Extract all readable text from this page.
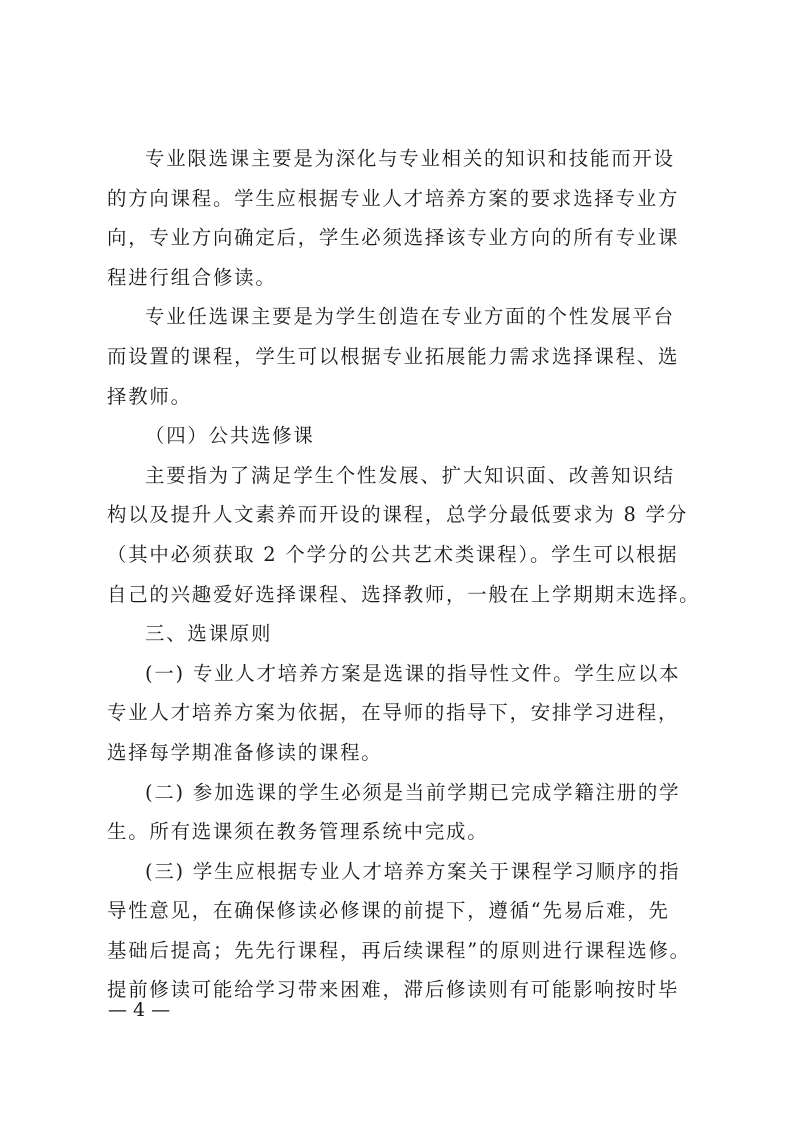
专业限选课主要是为深化与专业相关的知识和技能而开设
的方向课程。学生应根据专业人才培养方案的要求选择专业方
向，专业方向确定后，学生必须选择该专业方向的所有专业课
程进行组合修读。

专业任选课主要是为学生创造在专业方面的个性发展平台
而设置的课程，学生可以根据专业拓展能力需求选择课程、选
择教师。

（四）公共选修课

主要指为了满足学生个性发展、扩大知识面、改善知识结
构以及提升人文素养而开设的课程，总学分最低要求为 8 学分
（其中必须获取 2 个学分的公共艺术类课程）。学生可以根据
自己的兴趣爱好选择课程、选择教师，一般在上学期期末选择。

三、选课原则

(一) 专业人才培养方案是选课的指导性文件。学生应以本
专业人才培养方案为依据，在导师的指导下，安排学习进程，
选择每学期准备修读的课程。

(二) 参加选课的学生必须是当前学期已完成学籍注册的学
生。所有选课须在教务管理系统中完成。

(三) 学生应根据专业人才培养方案关于课程学习顺序的指
导性意见，在确保修读必修课的前提下，遵循“先易后难，先
基础后提高；先先行课程，再后续课程”的原则进行课程选修。
提前修读可能给学习带来困难，滞后修读则有可能影响按时毕

— 4 —
